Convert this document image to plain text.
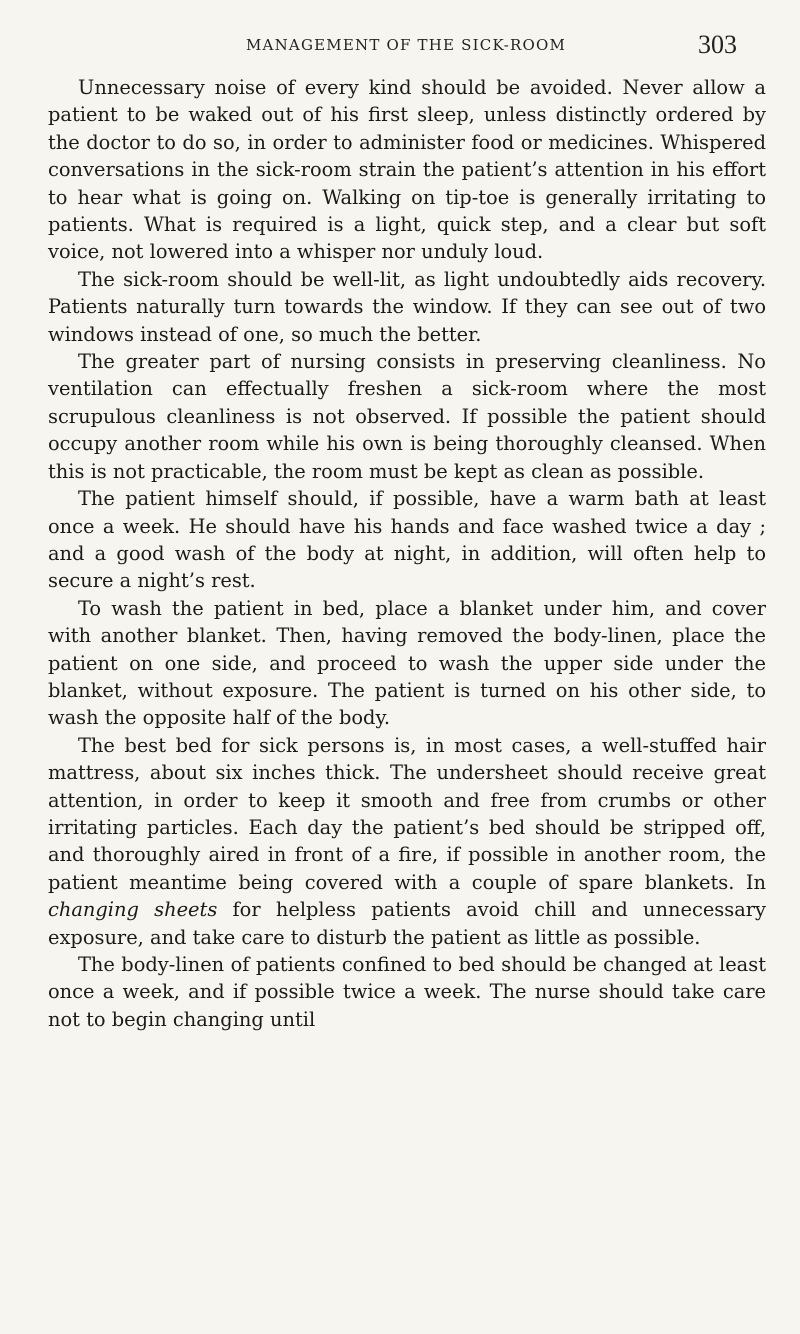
MANAGEMENT OF THE SICK-ROOM	303

Unnecessary noise of every kind should be avoided. Never allow a patient to be waked out of his first sleep, unless distinctly ordered by the doctor to do so, in order to administer food or medicines. Whispered conversations in the sick-room strain the patient’s attention in his effort to hear what is going on. Walking on tip-toe is generally irritating to patients. What is required is a light, quick step, and a clear but soft voice, not lowered into a whisper nor unduly loud.

The sick-room should be well-lit, as light undoubtedly aids recovery. Patients naturally turn towards the window. If they can see out of two windows instead of one, so much the better.

The greater part of nursing consists in preserving cleanliness. No ventilation can effectually freshen a sick-room where the most scrupulous cleanliness is not observed. If possible the patient should occupy another room while his own is being thoroughly cleansed. When this is not practicable, the room must be kept as clean as possible.

The patient himself should, if possible, have a warm bath at least once a week. He should have his hands and face washed twice a day ; and a good wash of the body at night, in addition, will often help to secure a night’s rest.

To wash the patient in bed, place a blanket under him, and cover with another blanket. Then, having removed the body-linen, place the patient on one side, and proceed to wash the upper side under the blanket, without exposure. The patient is turned on his other side, to wash the opposite half of the body.

The best bed for sick persons is, in most cases, a well-stuffed hair mattress, about six inches thick. The undersheet should receive great attention, in order to keep it smooth and free from crumbs or other irritating particles. Each day the patient’s bed should be stripped off, and thoroughly aired in front of a fire, if possible in another room, the patient meantime being covered with a couple of spare blankets. In changing sheets for helpless patients avoid chill and unnecessary exposure, and take care to disturb the patient as little as possible.

The body-linen of patients confined to bed should be changed at least once a week, and if possible twice a week. The nurse should take care not to begin changing until
